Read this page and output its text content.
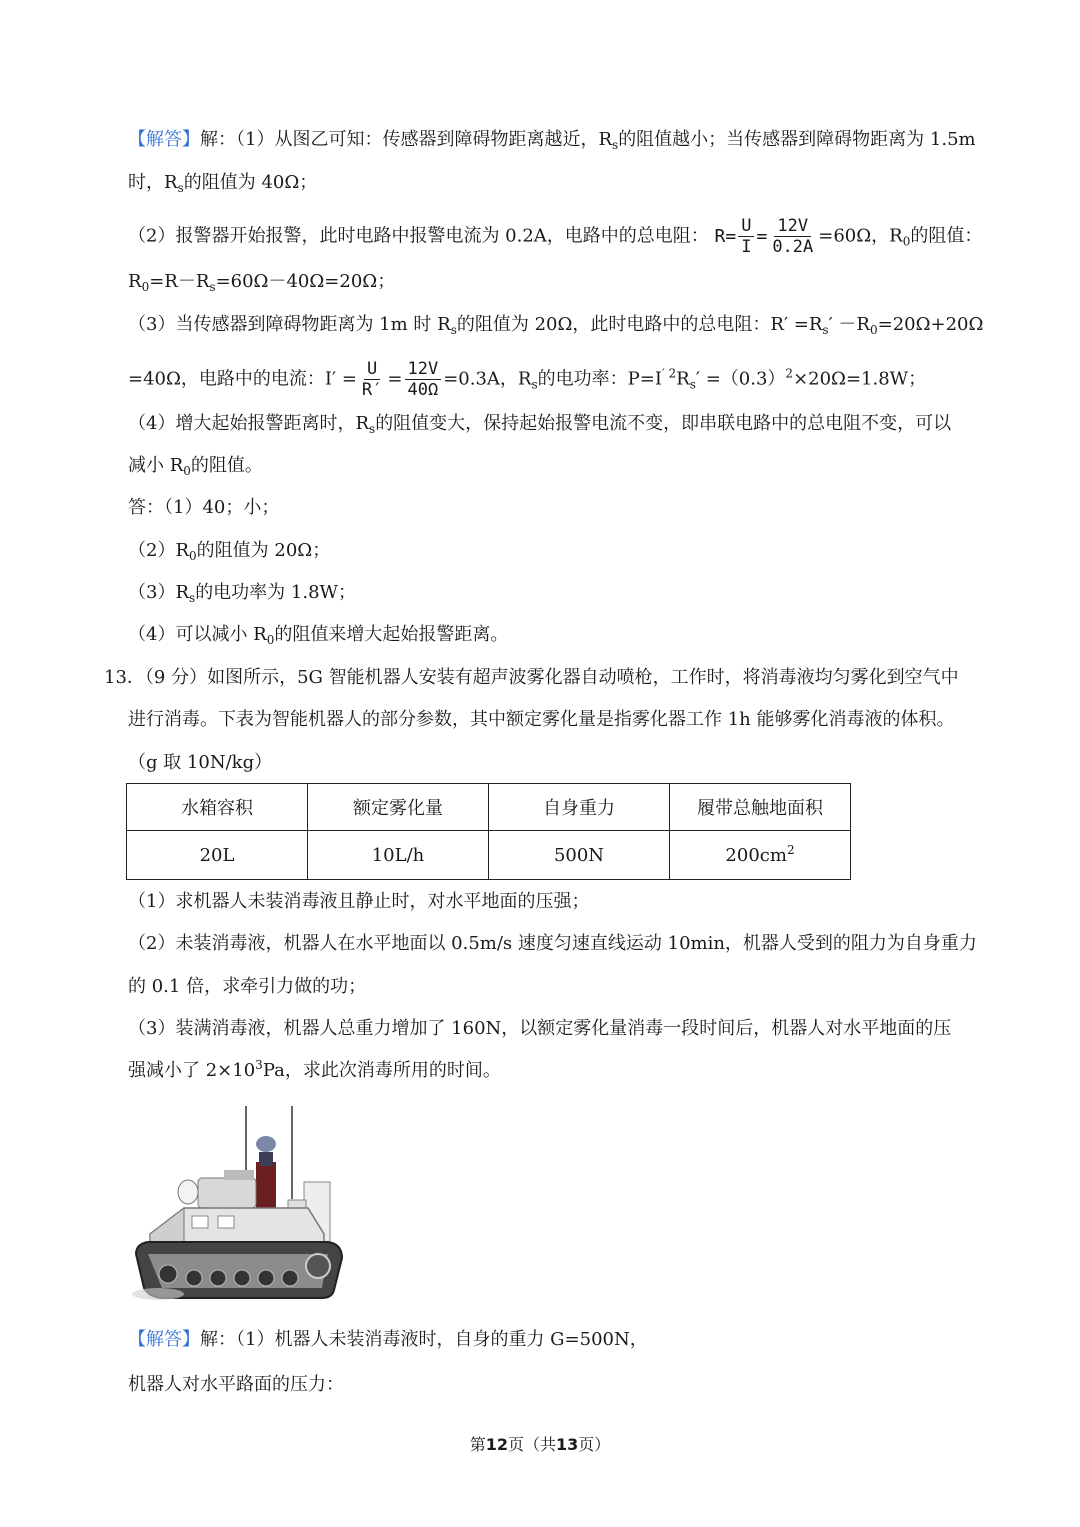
【解答】解：（1）从图乙可知：传感器到障碍物距离越近，$R_s$的阻值越小；当传感器到障碍物距离为 1.5m
时，$R_s$的阻值为 40Ω；
（2）报警器开始报警，此时电路中报警电流为 0.2A，电路中的总电阻： $R= \frac{U}{I} = \frac{12V}{0.2A} =60\Omega$，$R_0$的阻值：
$R_0=R-R_s=60\Omega-40\Omega=20\Omega$；
（3）当传感器到障碍物距离为 1m 时 $R_s$的阻值为 20Ω，此时电路中的总电阻：$R' =R_s' -R_0=20\Omega+20\Omega$
=40Ω，电路中的电流：$I' = \frac{U}{R'} = \frac{12V}{40\Omega} =0.3A$，$R_s$的电功率：$P=I^{' 2}R_s' =(0.3)^2\times 20\Omega=1.8W$；
（4）增大起始报警距离时，$R_s$的阻值变大，保持起始报警电流不变，即串联电路中的总电阻不变，可以
减小 $R_0$的阻值。
答：（1）40；小；
$(2)R_0$的阻值为 20Ω；
$(3)R_s$的电功率为 1.8W；
（4）可以减小 $R_0$的阻值来增大起始报警距离。
13．（9 分）如图所示，5G 智能机器人安装有超声波雾化器自动喷枪，工作时，将消毒液均匀雾化到空气中
进行消毒。下表为智能机器人的部分参数，其中额定雾化量是指雾化器工作 1h 能够雾化消毒液的体积。
（g 取 10N/kg）
水箱容积	额定雾化量	自身重力	履带总触地面积
20L	10L/h	500N	$200cm^2$
（1）求机器人未装消毒液且静止时，对水平地面的压强；
（2）未装消毒液，机器人在水平地面以 0.5m/s 速度匀速直线运动 10min，机器人受到的阻力为自身重力
的 0.1 倍，求牵引力做的功；
（3）装满消毒液，机器人总重力增加了 160N，以额定雾化量消毒一段时间后，机器人对水平地面的压
强减小了 $2\times 10^3Pa$，求此次消毒所用的时间。
【解答】解：（1）机器人未装消毒液时，自身的重力 G=500N，
机器人对水平路面的压力：
第12页（共13页）
